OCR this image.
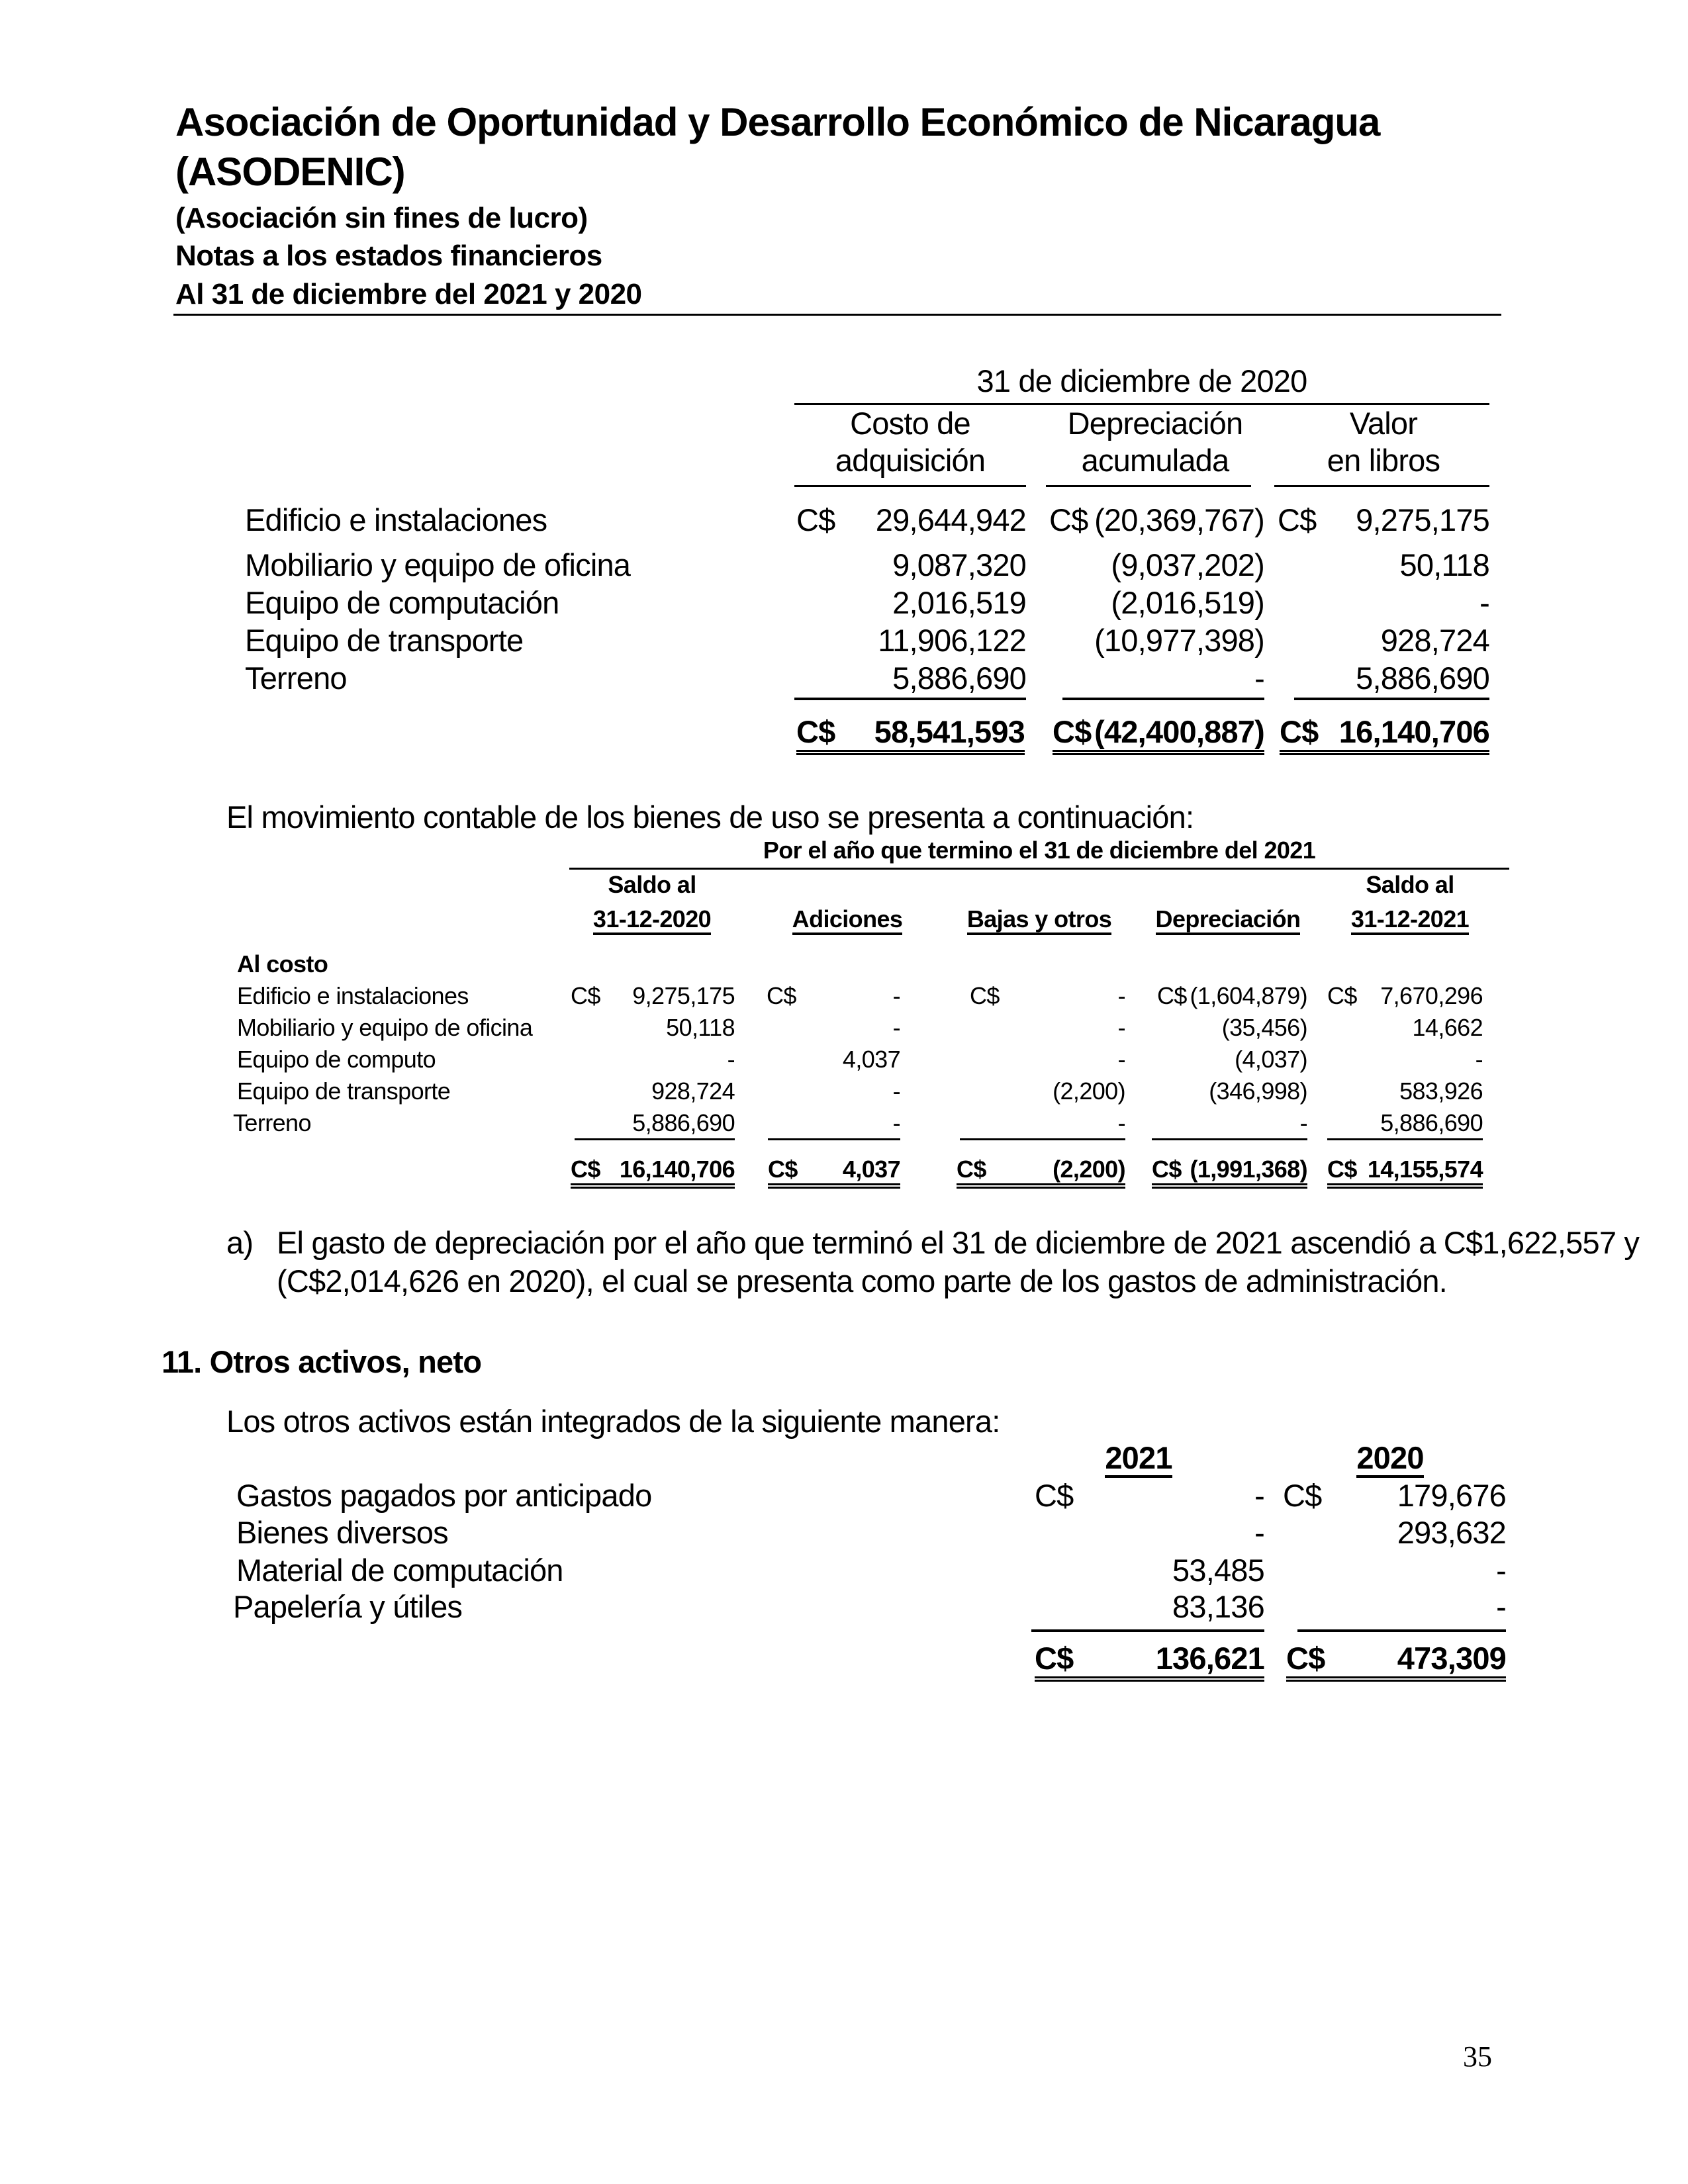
Asociación de Oportunidad y Desarrollo Económico de Nicaragua
(ASODENIC)
(Asociación sin fines de lucro)
Notas a los estados financieros
Al 31 de diciembre del 2021 y 2020
31 de diciembre de 2020
Costo de
adquisición
Depreciación
acumulada
Valor
en libros
Edificio e instalaciones	C$	29,644,942 C$ (20,369,767) C$	9,275,175
Mobiliario y equipo de oficina	9,087,320	(9,037,202)	50,118
Equipo de computación	2,016,519	(2,016,519)	-
Equipo de transporte	11,906,122 (10,977,398)	928,724
Terreno	5,886,690	-	5,886,690
C$ 58,541,593 C$ (42,400,887) C$ 16,140,706
El movimiento contable de los bienes de uso se presenta a continuación:
Por el año que termino el 31 de diciembre del 2021
Saldo al
31-12-2020	Adiciones	Bajas y otros	Depreciación
Saldo al
31-12-2021
Al costo
Edificio e instalaciones	C$	9,275,175 C$	-	C$	- C$ (1,604,879) C$ 7,670,296
Mobiliario y equipo de oficina	50,118	-	-	(35,456)	14,662
Equipo de computo	-	4,037	-	(4,037)	-
Equipo de transporte	928,724	-	(2,200)	(346,998)	583,926
Terreno	5,886,690	-	-	-	5,886,690
C$ 16,140,706 C$ 4,037 C$	(2,200) C$ (1,991,368) C$ 14,155,574
a) El gasto de depreciación por el año que terminó el 31 de diciembre de 2021 ascendió a C$1,622,557 y
(C$2,014,626 en 2020), el cual se presenta como parte de los gastos de administración.
11. Otros activos, neto
Los otros activos están integrados de la siguiente manera:
2021	2020
Gastos pagados por anticipado	C$	- C$	179,676
Bienes diversos	-	293,632
Material de computación	53,485	-
Papelería y útiles	83,136	-
C$	136,621 C$ 473,309
35
